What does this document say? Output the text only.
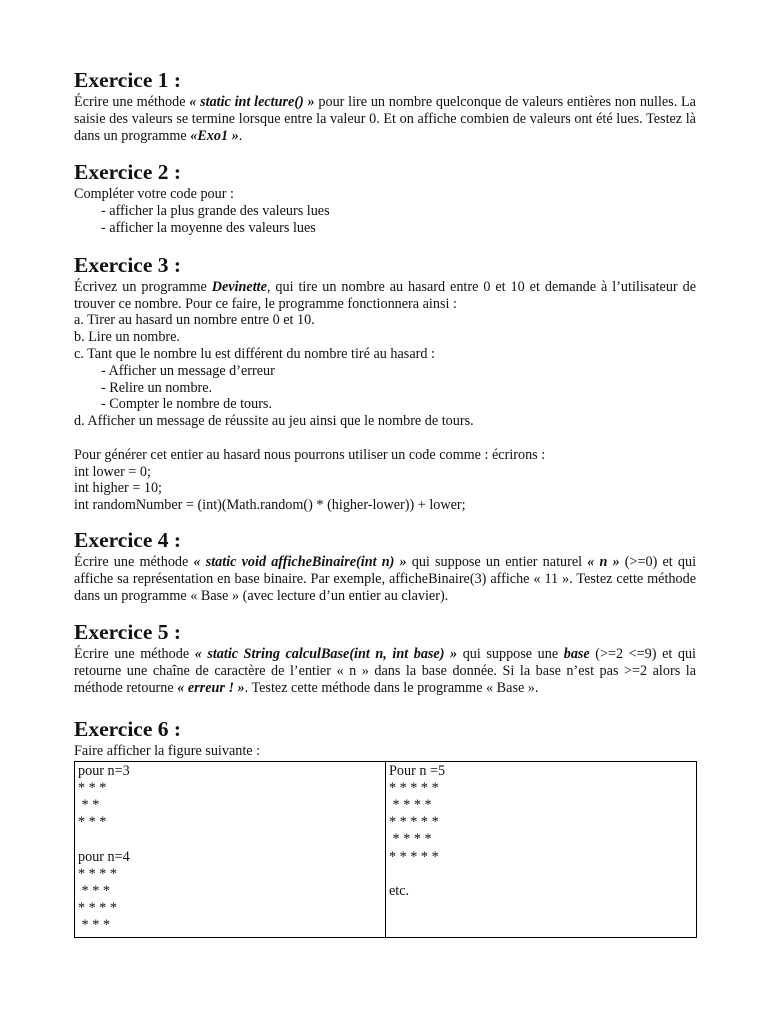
Exercice 1 :

Écrire une méthode « static int lecture() » pour lire un nombre quelconque de valeurs entières non nulles. La saisie des valeurs se termine lorsque entre la valeur 0. Et on affiche combien de valeurs ont été lues. Testez là dans un programme «Exo1 ».

Exercice 2 :

Compléter votre code pour :

- afficher la plus grande des valeurs lues

- afficher la moyenne des valeurs lues

Exercice 3 :

Écrivez un programme Devinette, qui tire un nombre au hasard entre 0 et 10 et demande à l’utilisateur de trouver ce nombre. Pour ce faire, le programme fonctionnera ainsi :

a. Tirer au hasard un nombre entre 0 et 10.

b. Lire un nombre.

c. Tant que le nombre lu est différent du nombre tiré au hasard :

- Afficher un message d’erreur

- Relire un nombre.

- Compter le nombre de tours.

d. Afficher un message de réussite au jeu ainsi que le nombre de tours.

Pour générer cet entier au hasard nous pourrons utiliser un code comme : écrirons :

int lower = 0;

int higher = 10;

int randomNumber = (int)(Math.random() * (higher-lower)) + lower;

Exercice 4 :

Écrire une méthode « static void afficheBinaire(int n) » qui suppose un entier naturel « n » (>=0) et qui affiche sa représentation en base binaire. Par exemple, afficheBinaire(3) affiche « 11 ». Testez cette méthode dans un programme « Base » (avec lecture d’un entier au clavier).

Exercice 5 :

Écrire une méthode « static String calculBase(int n, int base) » qui suppose une base (>=2 <=9) et qui retourne une chaîne de caractère de l’entier « n » dans la base donnée. Si la base n’est pas >=2 alors la méthode retourne « erreur ! ». Testez cette méthode dans le programme « Base ».

Exercice 6 :

Faire afficher la figure suivante :

pour n=3
* * *
* *
* * *

pour n=4
* * * *
* * *
* * * *
* * *

Pour n =5
* * * * *
* * * *
* * * * *
* * * *
* * * * *

etc.
